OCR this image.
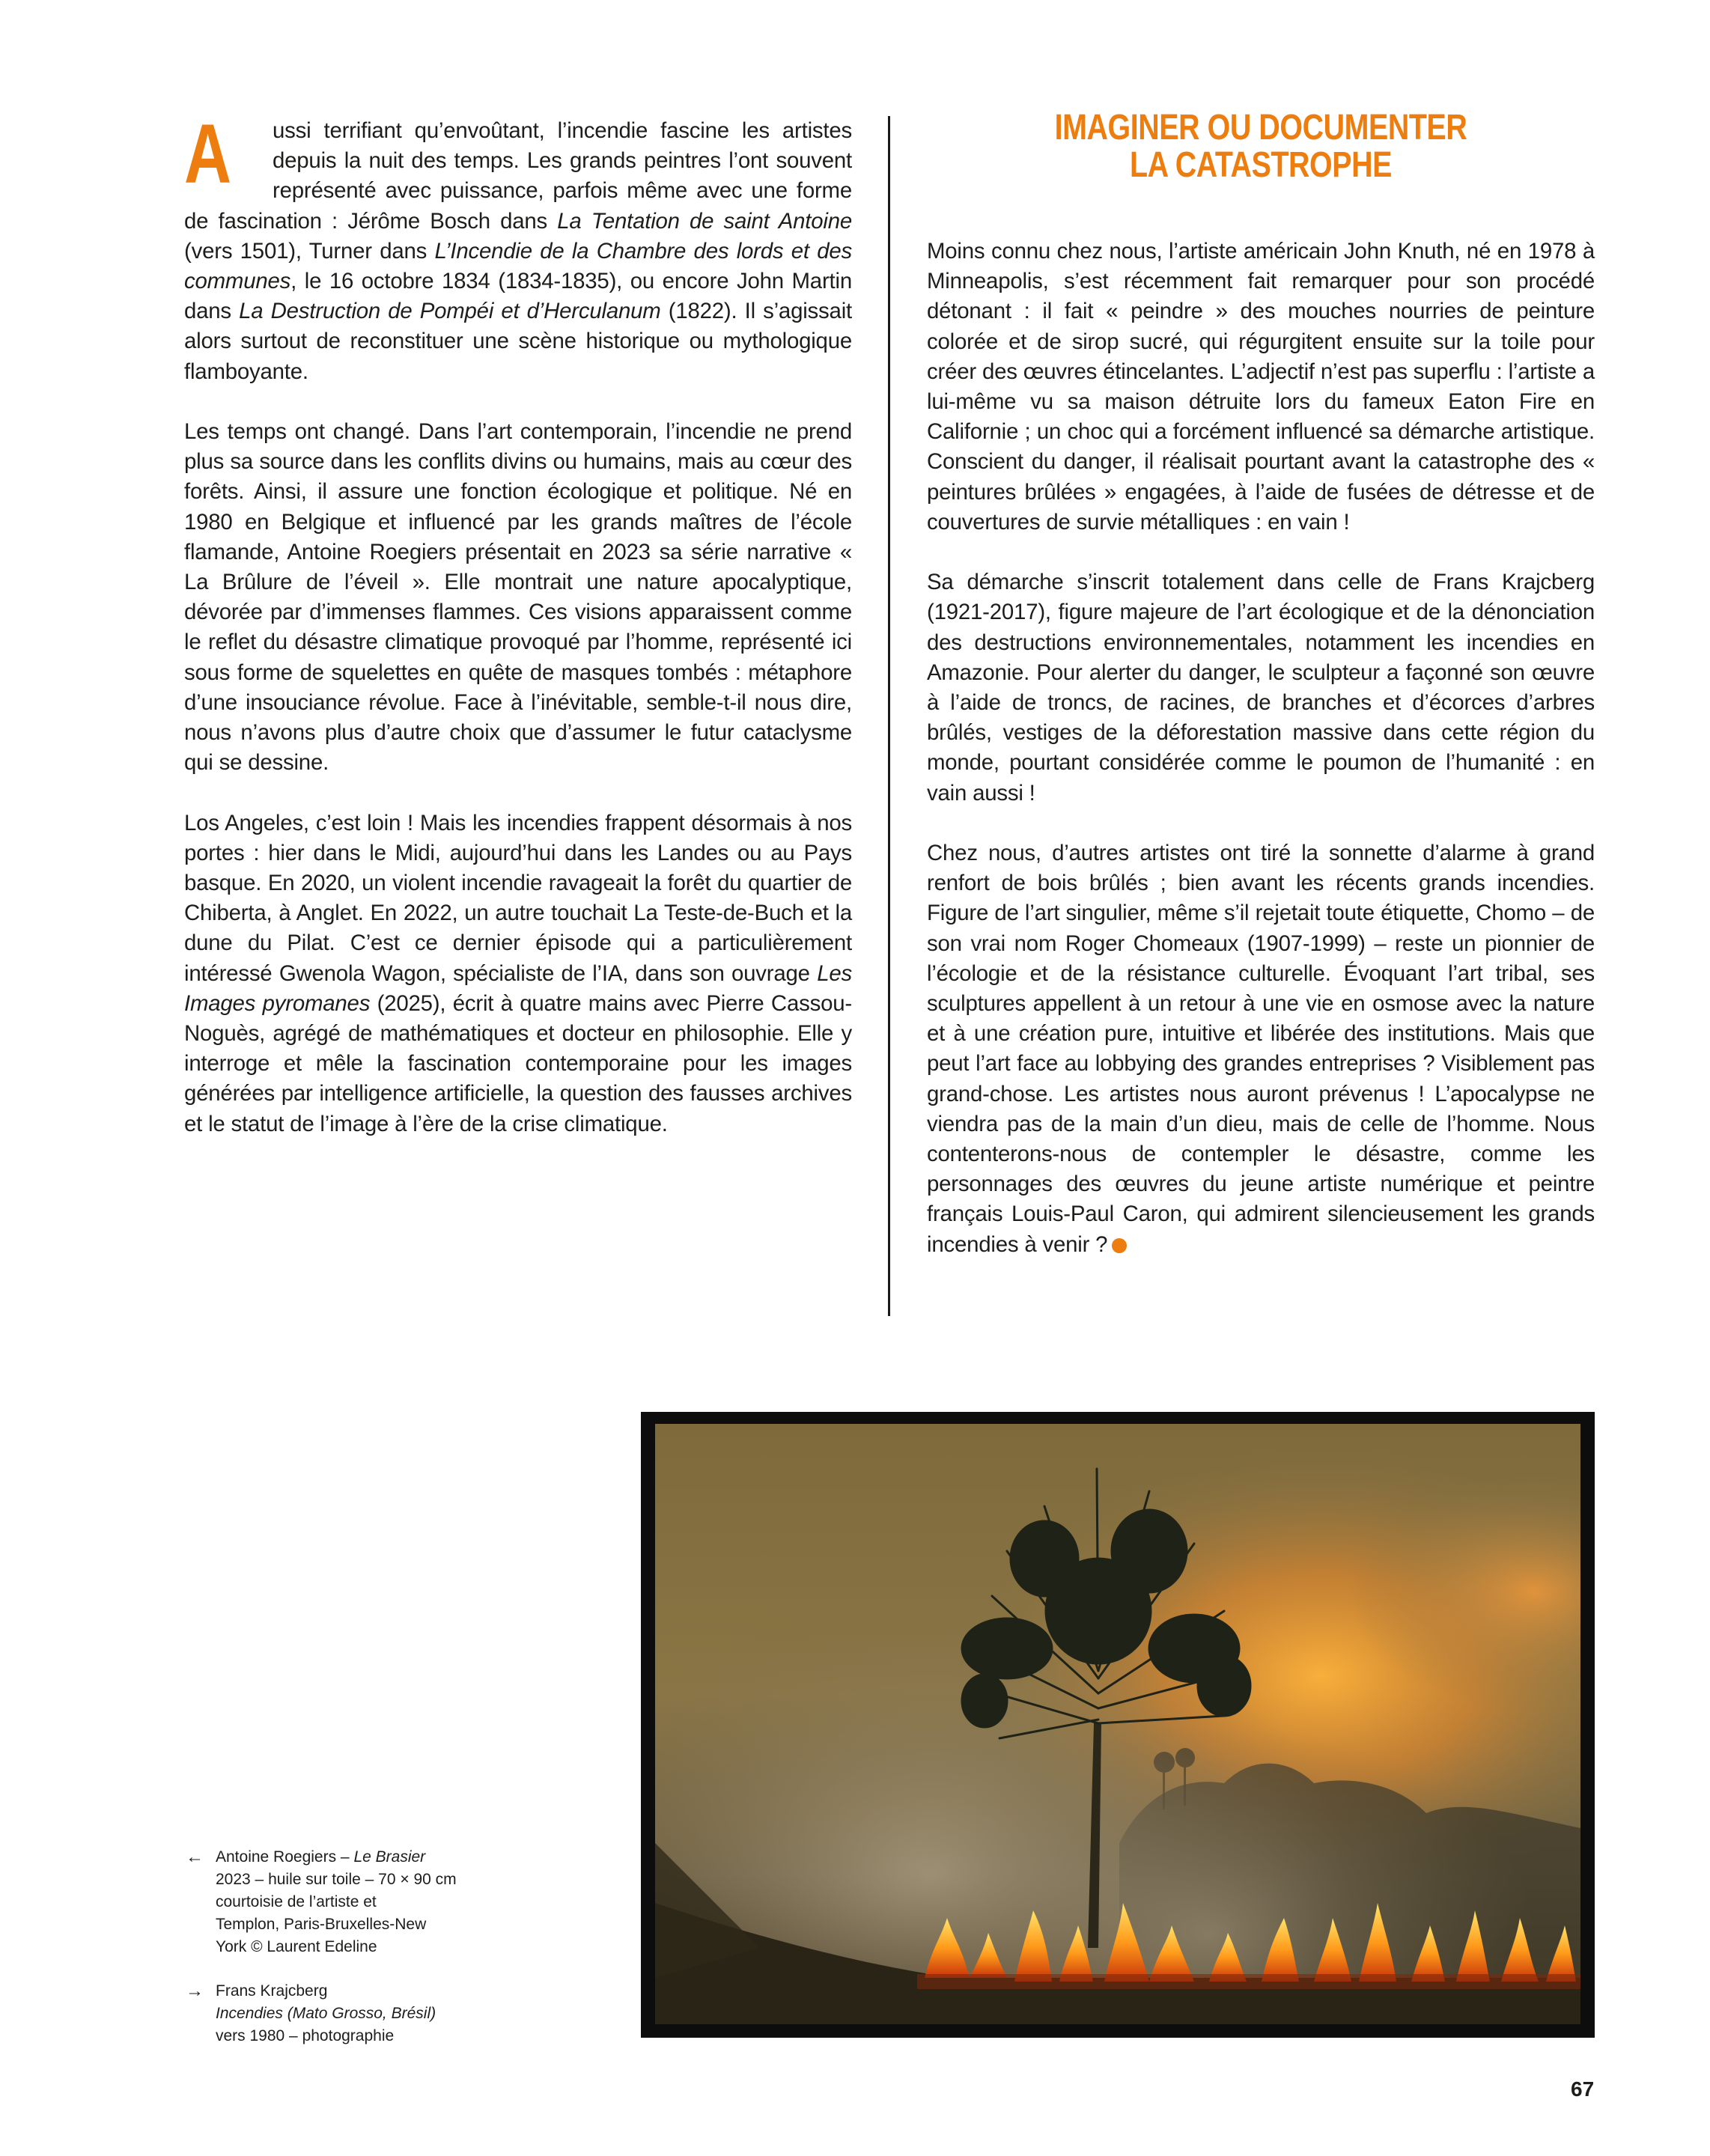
A	ussi terrifiant qu’envoûtant, l’incendie fascine les artistes depuis la nuit des temps. Les grands peintres l’ont souvent représenté avec puissance, parfois même avec une forme de fascination : Jérôme Bosch dans La Tentation de saint Antoine (vers 1501), Turner dans L’Incendie de la Chambre des lords et des communes, le 16 octobre 1834 (1834-1835), ou encore John Martin dans La Destruction de Pompéi et d’Herculanum (1822). Il s’agissait alors surtout de reconstituer une scène historique ou mythologique flamboyante.

Les temps ont changé. Dans l’art contemporain, l’incendie ne prend plus sa source dans les conflits divins ou humains, mais au cœur des forêts. Ainsi, il assure une fonction écologique et politique. Né en 1980 en Belgique et influencé par les grands maîtres de l’école flamande, Antoine Roegiers présentait en 2023 sa série narrative « La Brûlure de l’éveil ». Elle montrait une nature apocalyptique, dévorée par d’immenses flammes. Ces visions apparaissent comme le reflet du désastre climatique provoqué par l’homme, représenté ici sous forme de squelettes en quête de masques tombés : métaphore d’une insouciance révolue. Face à l’inévitable, semble-t-il nous dire, nous n’avons plus d’autre choix que d’assumer le futur cataclysme qui se dessine.

Los Angeles, c’est loin ! Mais les incendies frappent désormais à nos portes : hier dans le Midi, aujourd’hui dans les Landes ou au Pays basque. En 2020, un violent incendie ravageait la forêt du quartier de Chiberta, à Anglet. En 2022, un autre touchait La Teste-de-Buch et la dune du Pilat. C’est ce dernier épisode qui a particulièrement intéressé Gwenola Wagon, spécialiste de l’IA, dans son ouvrage Les Images pyromanes (2025), écrit à quatre mains avec Pierre Cassou-Noguès, agrégé de mathématiques et docteur en philosophie. Elle y interroge et mêle la fascination contemporaine pour les images générées par intelligence artificielle, la question des fausses archives et le statut de l’image à l’ère de la crise climatique.

IMAGINER OU DOCUMENTER
LA CATASTROPHE

Moins connu chez nous, l’artiste américain John Knuth, né en 1978 à Minneapolis, s’est récemment fait remarquer pour son procédé détonant : il fait « peindre » des mouches nourries de peinture colorée et de sirop sucré, qui régurgitent ensuite sur la toile pour créer des œuvres étincelantes. L’adjectif n’est pas superflu : l’artiste a lui-même vu sa maison détruite lors du fameux Eaton Fire en Californie ; un choc qui a forcément influencé sa démarche artistique. Conscient du danger, il réalisait pourtant avant la catastrophe des « peintures brûlées » engagées, à l’aide de fusées de détresse et de couvertures de survie métalliques : en vain !

Sa démarche s’inscrit totalement dans celle de Frans Krajcberg (1921-2017), figure majeure de l’art écologique et de la dénonciation des destructions environnementales, notamment les incendies en Amazonie. Pour alerter du danger, le sculpteur a façonné son œuvre à l’aide de troncs, de racines, de branches et d’écorces d’arbres brûlés, vestiges de la déforestation massive dans cette région du monde, pourtant considérée comme le poumon de l’humanité : en vain aussi !

Chez nous, d’autres artistes ont tiré la sonnette d’alarme à grand renfort de bois brûlés ; bien avant les récents grands incendies. Figure de l’art singulier, même s’il rejetait toute étiquette, Chomo – de son vrai nom Roger Chomeaux (1907-1999) – reste un pionnier de l’écologie et de la résistance culturelle. Évoquant l’art tribal, ses sculptures appellent à un retour à une vie en osmose avec la nature et à une création pure, intuitive et libérée des institutions. Mais que peut l’art face au lobbying des grandes entreprises ? Visiblement pas grand-chose. Les artistes nous auront prévenus ! L’apocalypse ne viendra pas de la main d’un dieu, mais de celle de l’homme. Nous contenterons-nous de contempler le désastre, comme les personnages des œuvres du jeune artiste numérique et peintre français Louis-Paul Caron, qui admirent silencieusement les grands incendies à venir ?

← Antoine Roegiers – Le Brasier
2023 – huile sur toile – 70 × 90 cm
courtoisie de l’artiste et
Templon, Paris-Bruxelles-New
York © Laurent Edeline
→ Frans Krajcberg
Incendies (Mato Grosso, Brésil)
vers 1980 – photographie
67
